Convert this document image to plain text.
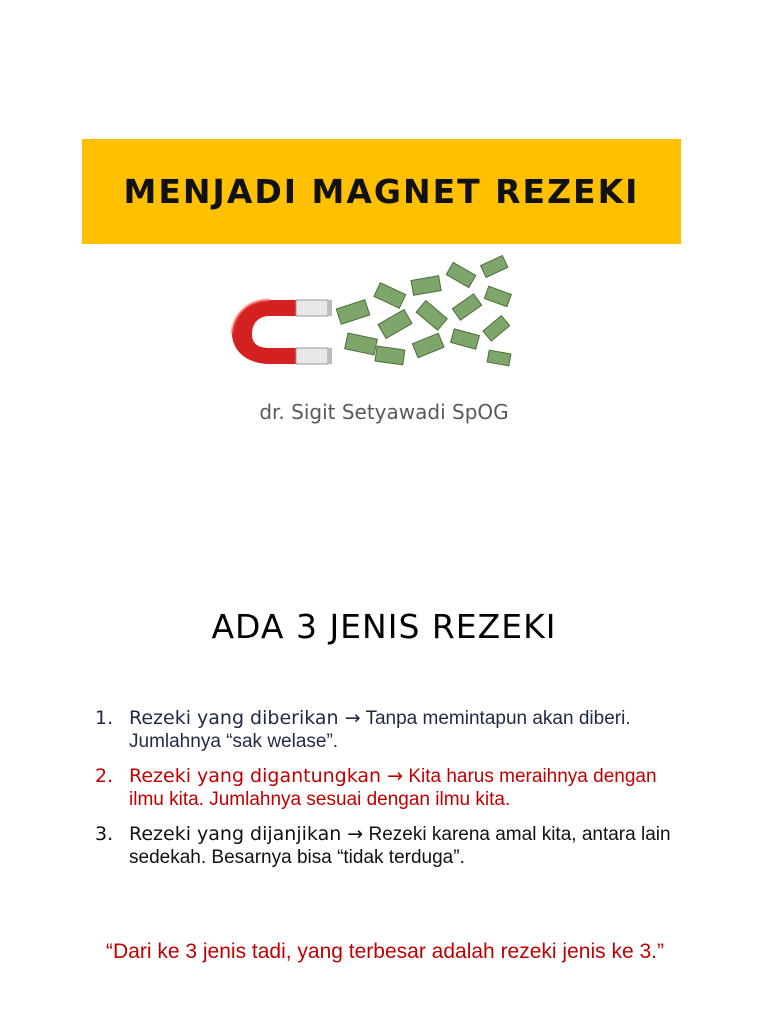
MENJADI MAGNET REZEKI
dr. Sigit Setyawadi SpOG
ADA 3 JENIS REZEKI
1. Rezeki yang diberikan → Tanpa memintapun akan diberi. Jumlahnya “sak welase”.
2. Rezeki yang digantungkan → Kita harus meraihnya dengan ilmu kita. Jumlahnya sesuai dengan ilmu kita.
3. Rezeki yang dijanjikan → Rezeki karena amal kita, antara lain sedekah. Besarnya bisa “tidak terduga”.
“Dari ke 3 jenis tadi, yang terbesar adalah rezeki jenis ke 3.”
